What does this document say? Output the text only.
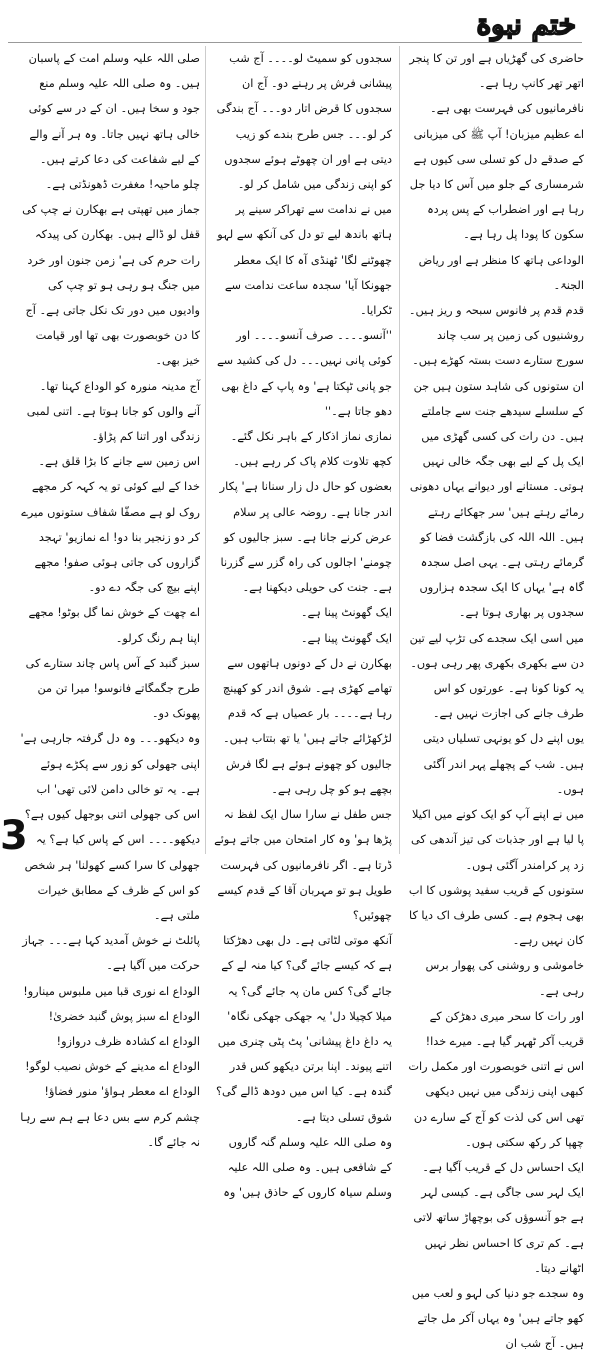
ختم نبوة

حاضری کی گھڑیاں ہے اور تن کا پنجر اتھر تھر کانپ رہا ہے۔

نافرمانیوں کی فہرست بھی ہے۔

اے عظیم میزبان! آپ ﷺ کی میزبانی کے صدقے دل کو تسلی سی کیوں ہے شرمساری کے جلو میں آس کا دیا جل رہا ہے اور اضطراب کے پس پردہ سکون کا پودا پل رہا ہے۔

الوداعی ہاتھ کا منظر ہے اور ریاض الجنۃ۔

قدم قدم پر فانوس سبحہ و ریز ہیں۔ روشنیوں کی زمین پر سب چاند سورج ستارے دست بستہ کھڑے ہیں۔ ان ستونوں کی شاہد ستون ہیں جن کے سلسلے سیدھے جنت سے جاملتے ہیں۔ دن رات کی کسی گھڑی میں ایک پل کے لیے بھی جگہ خالی نہیں ہوتی۔ مستانے اور دیوانے یہاں دھونی رمائے رہتے ہیں' سر جھکائے رہتے ہیں۔ اللہ اللہ کی بازگشت فضا کو گرمائے رہتی ہے۔ یہی اصل سجدہ گاہ ہے' یہاں کا ایک سجدہ ہزاروں سجدوں پر بھاری ہوتا ہے۔

میں اسی ایک سجدے کی تڑپ لیے تین دن سے بکھری بکھری پھر رہی ہوں۔ یہ کونا کونا ہے۔ عورتوں کو اس طرف جانے کی اجازت نہیں ہے۔

یوں اپنے دل کو یونہی تسلیاں دیتی ہیں۔ شب کے پچھلے پہر اندر آگئی ہوں۔

میں نے اپنے آپ کو ایک کونے میں اکیلا پا لیا ہے اور جذبات کی تیز آندھی کی زد پر کرامندر آگئی ہوں۔

ستونوں کے قریب سفید پوشوں کا اب بھی ہجوم ہے۔ کسی طرف اک دیا کا کان نہیں رہے۔

خاموشی و روشنی کی پھوار برس رہی ہے۔

اور رات کا سحر میری دھڑکن کے قریب آکر ٹھہر گیا ہے۔ میرے خدا! اس نے اتنی خوبصورت اور مکمل رات کبھی اپنی زندگی میں نہیں دیکھی تھی اس کی لذت کو آج کے سارے دن چھپا کر رکھ سکتی ہوں۔

ایک احساس دل کے قریب آگیا ہے۔ ایک لہر سی جاگی ہے۔ کیسی لہر ہے جو آنسوؤں کی بوچھاڑ ساتھ لاتی ہے۔ کم تری کا احساس نظر نہیں اٹھانے دیتا۔

وہ سجدے جو دنیا کی لہو و لعب میں کھو جاتے ہیں' وہ یہاں آکر مل جاتے ہیں۔ آج شب ان

سجدوں کو سمیٹ لو۔۔۔۔ آج شب پیشانی فرش پر رہنے دو۔ آج ان سجدوں کا قرض اتار دو۔۔۔ آج بندگی کر لو۔۔۔ جس طرح بندے کو زیب دیتی ہے اور ان چھوٹے ہوئے سجدوں کو اپنی زندگی میں شامل کر لو۔

میں نے ندامت سے تھراکر سینے پر ہاتھ باندھ لیے تو دل کی آنکھ سے لہو چھوٹنے لگا' ٹھنڈی آہ کا ایک معطر جھونکا آیا' سجدہ ساعت ندامت سے ٹکرایا۔

''آنسو۔۔۔۔ صرف آنسو۔۔۔۔ اور کوئی پانی نہیں۔۔۔ دل کی کشید سے جو پانی ٹپکتا ہے' وہ پاپ کے داغ بھی دھو جاتا ہے۔''

نمازی نماز اذکار کے باہر نکل گئے۔ کچھ تلاوت کلام پاک کر رہے ہیں۔ بعضوں کو حال دل زار سنانا ہے' پکار اندر جانا ہے۔ روضہ عالی پر سلام عرض کرنے جانا ہے۔ سبز جالیوں کو چومنے' اجالوں کی راہ گزر سے گزرنا ہے۔ جنت کی حویلی دیکھنا ہے۔

ایک گھونٹ پینا ہے۔

ایک گھونٹ پینا ہے۔

بھکارن نے دل کے دونوں ہاتھوں سے تھامے کھڑی ہے۔ شوق اندر کو کھینچ رہا ہے۔۔۔۔ بار عصیاں ہے کہ قدم لڑکھڑائے جاتے ہیں' یا تھ بتتاب ہیں۔ جالیوں کو چھونے ہوئے ہے لگا فرش بچھے ہو کو چل رہی ہے۔

جس طفل نے سارا سال ایک لفظ نہ پڑھا ہو' وہ کار امتحان میں جاتے ہوئے ڈرتا ہے۔ اگر نافرمانیوں کی فہرست طویل ہو تو مہربان آقا کے قدم کیسے چھوئیں؟

آنکھ موتی لٹاتی ہے۔ دل بھی دھڑکتا ہے کہ کیسے جائے گی؟ کیا منہ لے کے جائے گی؟ کس مان پہ جائے گی؟ یہ میلا کچیلا دل' یہ جھکی جھکی نگاہ' یہ داغ داغ پیشانی' پٹ پٹی چنری میں اتنے پیوند۔ اپنا برتن دیکھو کس قدر گندہ ہے۔ کیا اس میں دودھ ڈالے گی؟

شوق تسلی دیتا ہے۔

وہ صلی اللہ علیہ وسلم گنہ گاروں کے شافعی ہیں۔ وہ صلی اللہ علیہ وسلم سیاہ کاروں کے حاذق ہیں' وہ

صلی اللہ علیہ وسلم امت کے پاسبان ہیں۔ وہ صلی اللہ علیہ وسلم منع جود و سخا ہیں۔ ان کے در سے کوئی خالی ہاتھ نہیں جاتا۔ وہ ہر آنے والے کے لیے شفاعت کی دعا کرتے ہیں۔

چلو ماحیہ! مغفرت ڈھونڈتی ہے۔

جماز میں تھپتی ہے بھکارن نے چپ کی قفل لو ڈالے ہیں۔ بھکارن کی پیدکہ رات حرم کی ہے' زمن جنون اور خرد میں جنگ ہو رہی ہو تو چپ کی وادیوں میں دور تک نکل جاتی ہے۔ آج کا دن خوبصورت بھی تھا اور قیامت خیز بھی۔

آج مدینہ منورہ کو الوداع کہنا تھا۔

آنے والوں کو جانا ہوتا ہے۔ اتنی لمبی زندگی اور اتنا کم پڑاؤ۔

اس زمین سے جانے کا بڑا قلق ہے۔

خدا کے لیے کوئی تو یہ کہہ کر مجھے روک لو ہے مصفّا شفاف ستونوں میرے کر دو زنجیر بنا دو! اے نمازیو' تہجد گزاروں کی جاتی ہوئی صفو! مجھے اپنے بیچ کی جگہ دے دو۔

اے چھت کے خوش نما گل بوٹو! مجھے اپنا ہم رنگ کرلو۔

سبز گنبد کے آس پاس چاند ستارے کی طرح جگمگاتے فانوسو! میرا تن من پھونک دو۔

وہ دیکھو۔۔۔ وہ دل گرفتہ جارہی ہے' اپنی جھولی کو زور سے پکڑے ہوئے ہے۔ یہ تو خالی دامن لائی تھی' اب اس کی جھولی اتنی بوجھل کیوں ہے؟ دیکھو۔۔۔۔ اس کے پاس کیا ہے؟ یہ جھولی کا سرا کسے کھولنا' ہر شخص کو اس کے ظرف کے مطابق خیرات ملتی ہے۔

پائلٹ نے خوش آمدید کہا ہے۔۔۔ جہاز حرکت میں آگیا ہے۔

الوداع اے نوری قبا میں ملبوس مینارو!

الوداع اے سبز پوش گنبد خضریٰ!

الوداع اے کشادہ ظرف دروازو!

الوداع اے مدینے کے خوش نصیب لوگو!

الوداع اے معطر ہواؤ' منور فضاؤ!

چشم کرم سے بس دعا ہے ہم سے رہا نہ جائے گا۔

3
